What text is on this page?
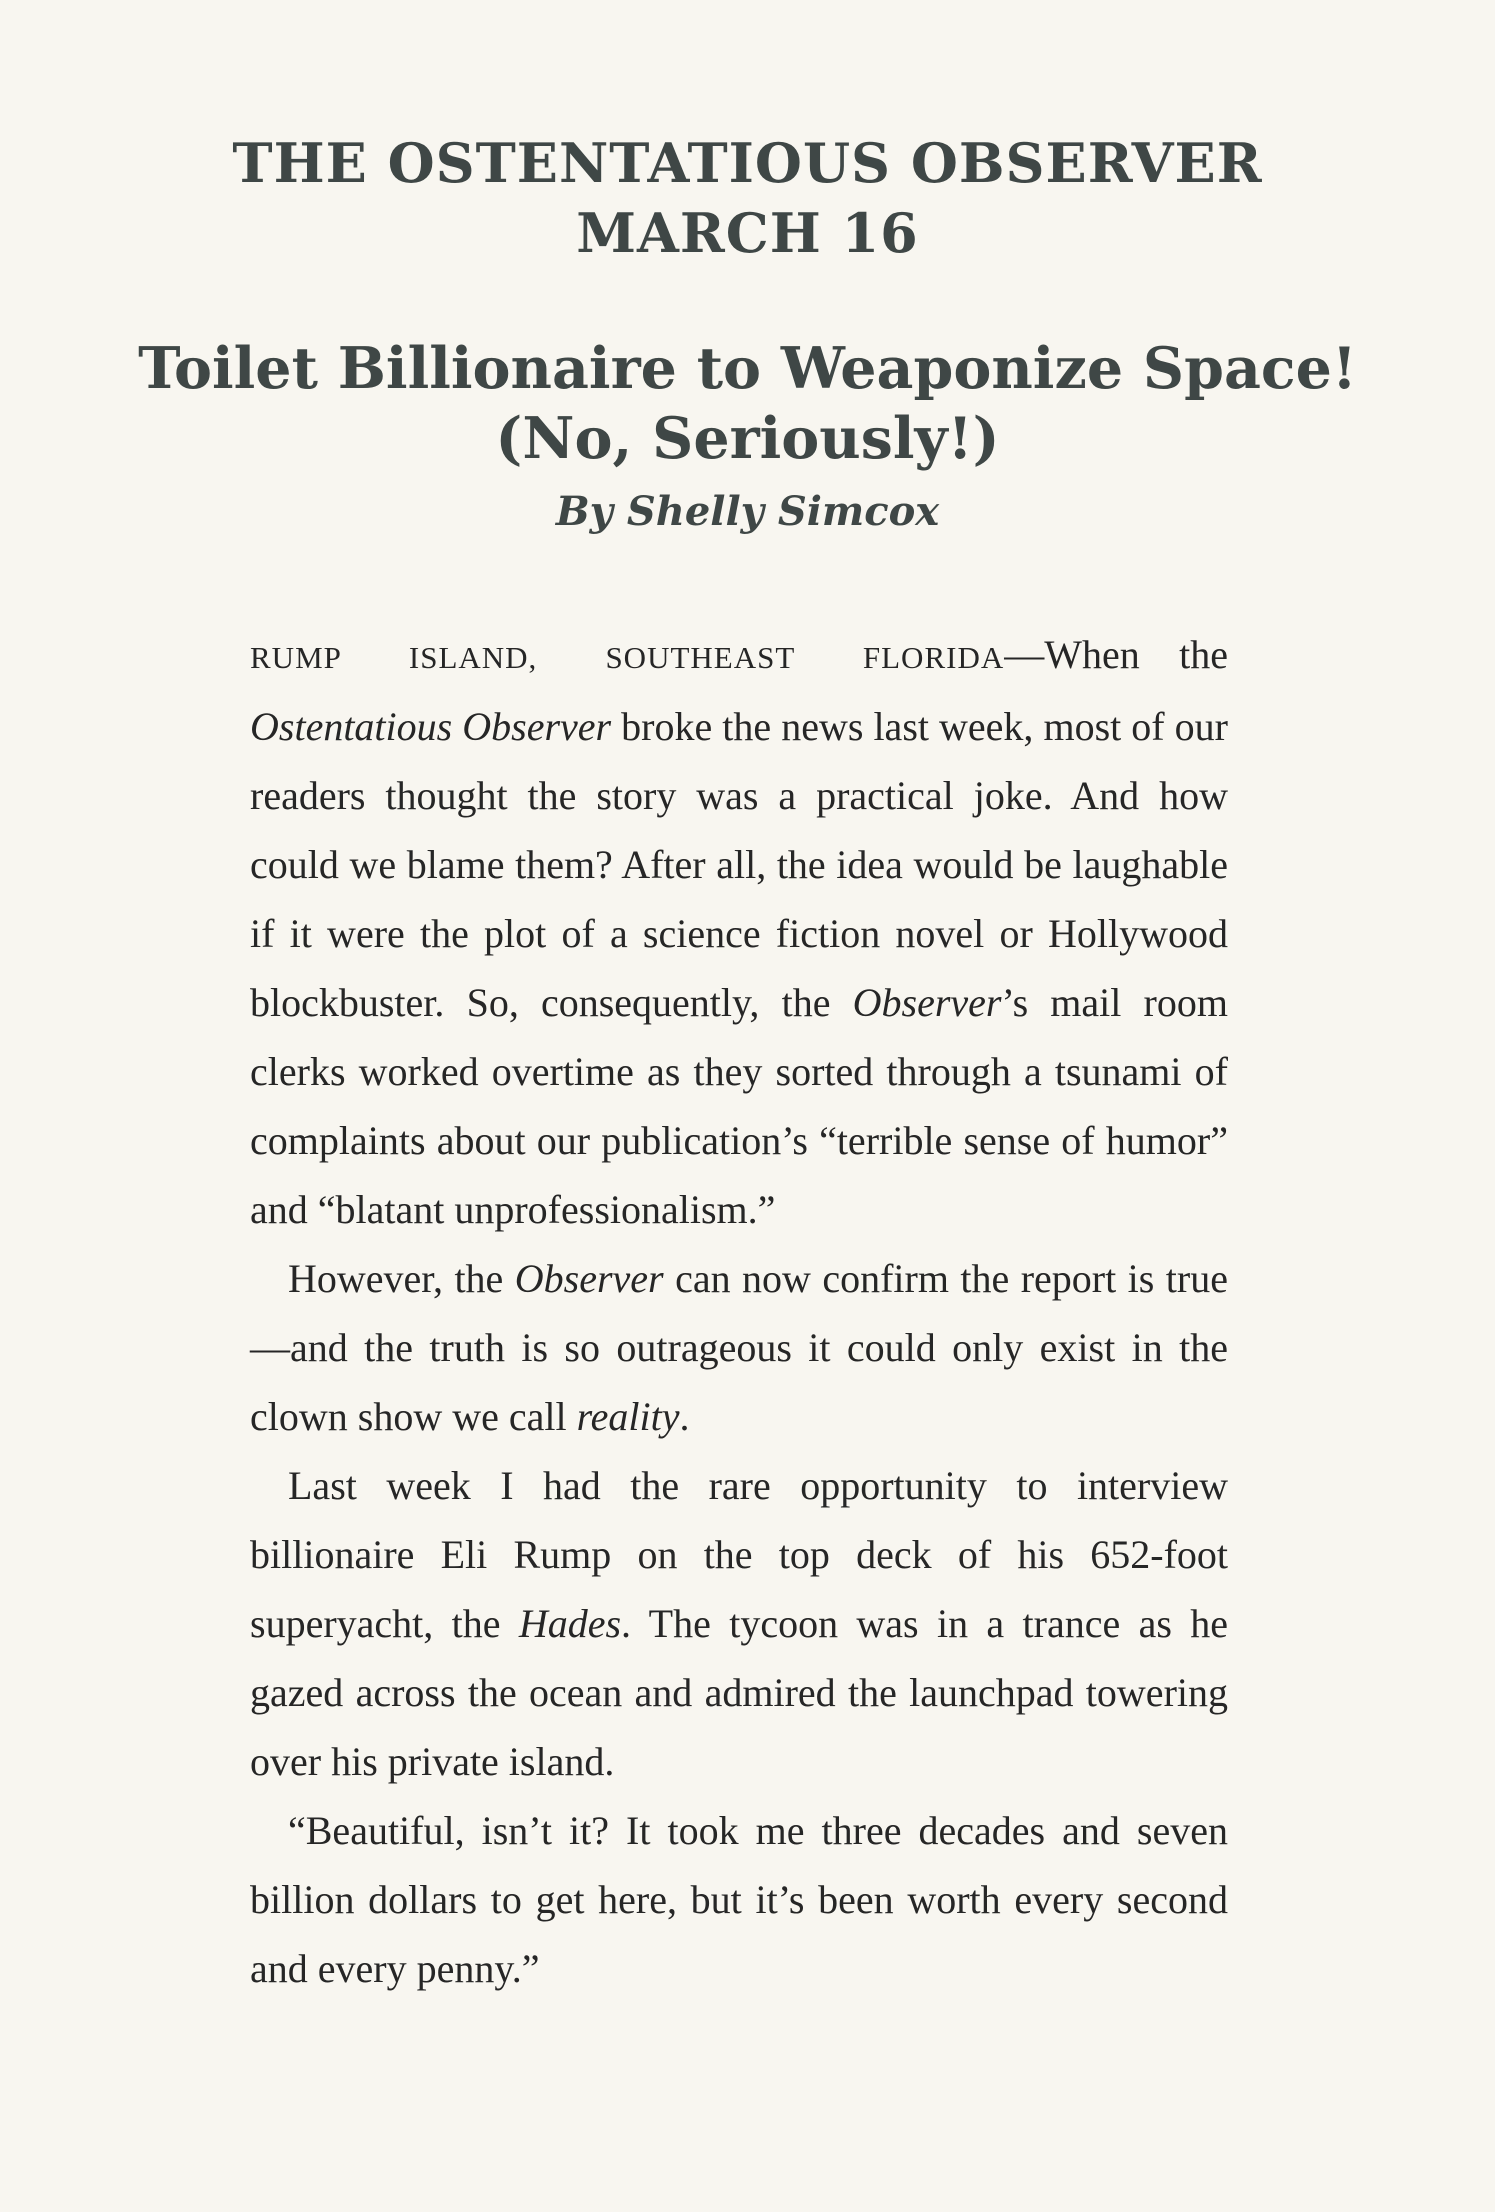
THE OSTENTATIOUS OBSERVER
MARCH 16
Toilet Billionaire to Weaponize Space!
(No, Seriously!)
By Shelly Simcox

RUMP ISLAND, SOUTHEAST FLORIDA—When the Ostentatious Observer broke the news last week, most of our readers thought the story was a practical joke. And how could we blame them? After all, the idea would be laughable if it were the plot of a science fiction novel or Hollywood blockbuster. So, consequently, the Observer’s mail room clerks worked overtime as they sorted through a tsunami of complaints about our publication’s “terrible sense of humor” and “blatant unprofessionalism.”

However, the Observer can now confirm the report is true—and the truth is so outrageous it could only exist in the clown show we call reality.

Last week I had the rare opportunity to interview billionaire Eli Rump on the top deck of his 652-foot superyacht, the Hades. The tycoon was in a trance as he gazed across the ocean and admired the launchpad towering over his private island.

“Beautiful, isn’t it? It took me three decades and seven billion dollars to get here, but it’s been worth every second and every penny.”
